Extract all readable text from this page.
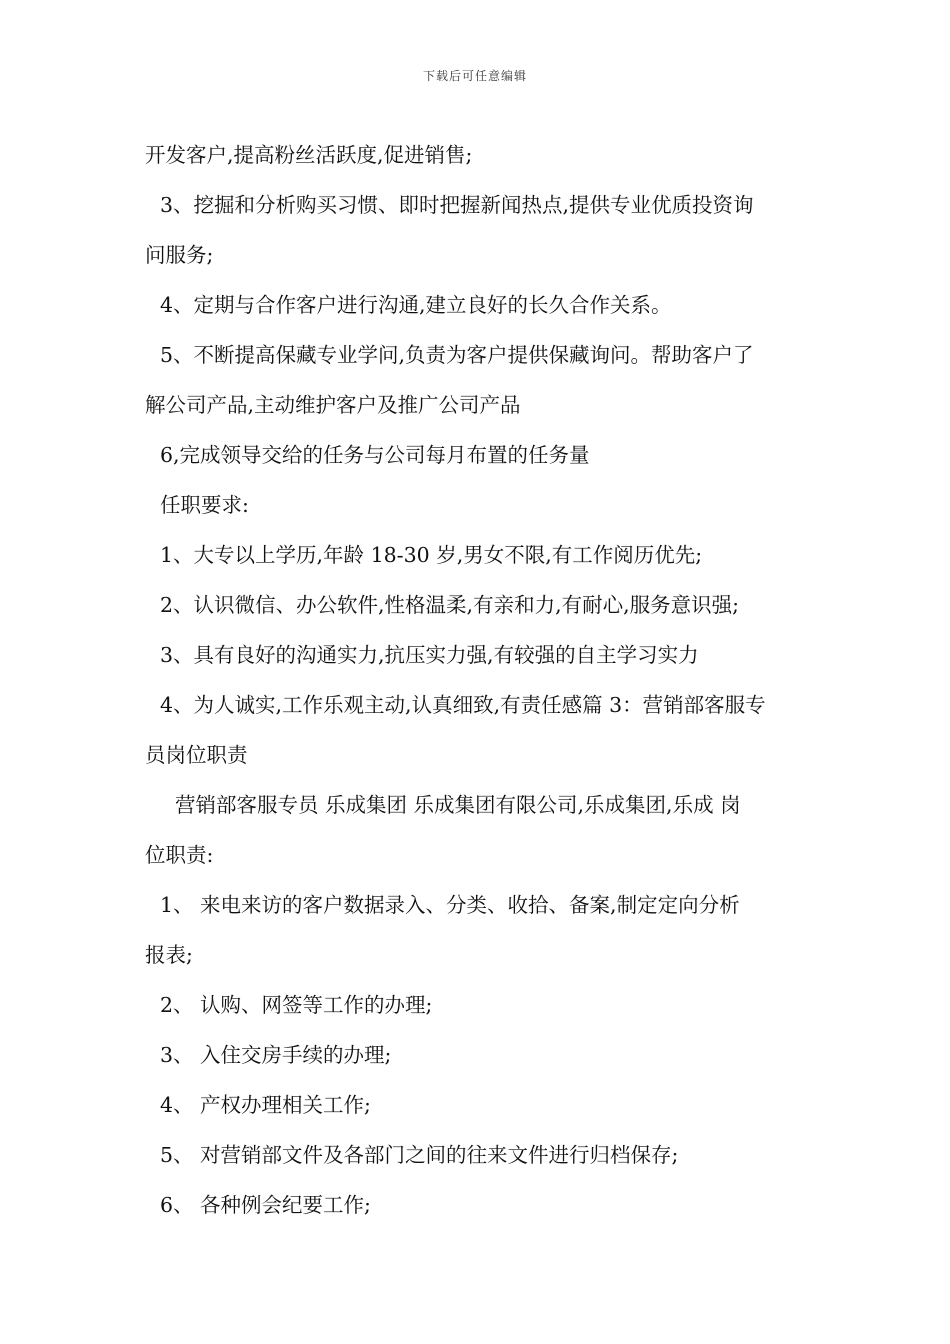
下载后可任意编辑
开发客户,提高粉丝活跃度,促进销售;
3、挖掘和分析购买习惯、即时把握新闻热点,提供专业优质投资询
问服务;
4、定期与合作客户进行沟通,建立良好的长久合作关系。
5、不断提高保藏专业学问,负责为客户提供保藏询问。帮助客户了
解公司产品,主动维护客户及推广公司产品
6,完成领导交给的任务与公司每月布置的任务量
任职要求:
1、大专以上学历,年龄 18-30 岁,男女不限,有工作阅历优先;
2、认识微信、办公软件,性格温柔,有亲和力,有耐心,服务意识强;
3、具有良好的沟通实力,抗压实力强,有较强的自主学习实力
4、为人诚实,工作乐观主动,认真细致,有责任感篇 3：营销部客服专
员岗位职责
营销部客服专员 乐成集团 乐成集团有限公司,乐成集团,乐成 岗
位职责:
1、 来电来访的客户数据录入、分类、收拾、备案,制定定向分析
报表;
2、 认购、网签等工作的办理;
3、 入住交房手续的办理;
4、 产权办理相关工作;
5、 对营销部文件及各部门之间的往来文件进行归档保存;
6、 各种例会纪要工作;
